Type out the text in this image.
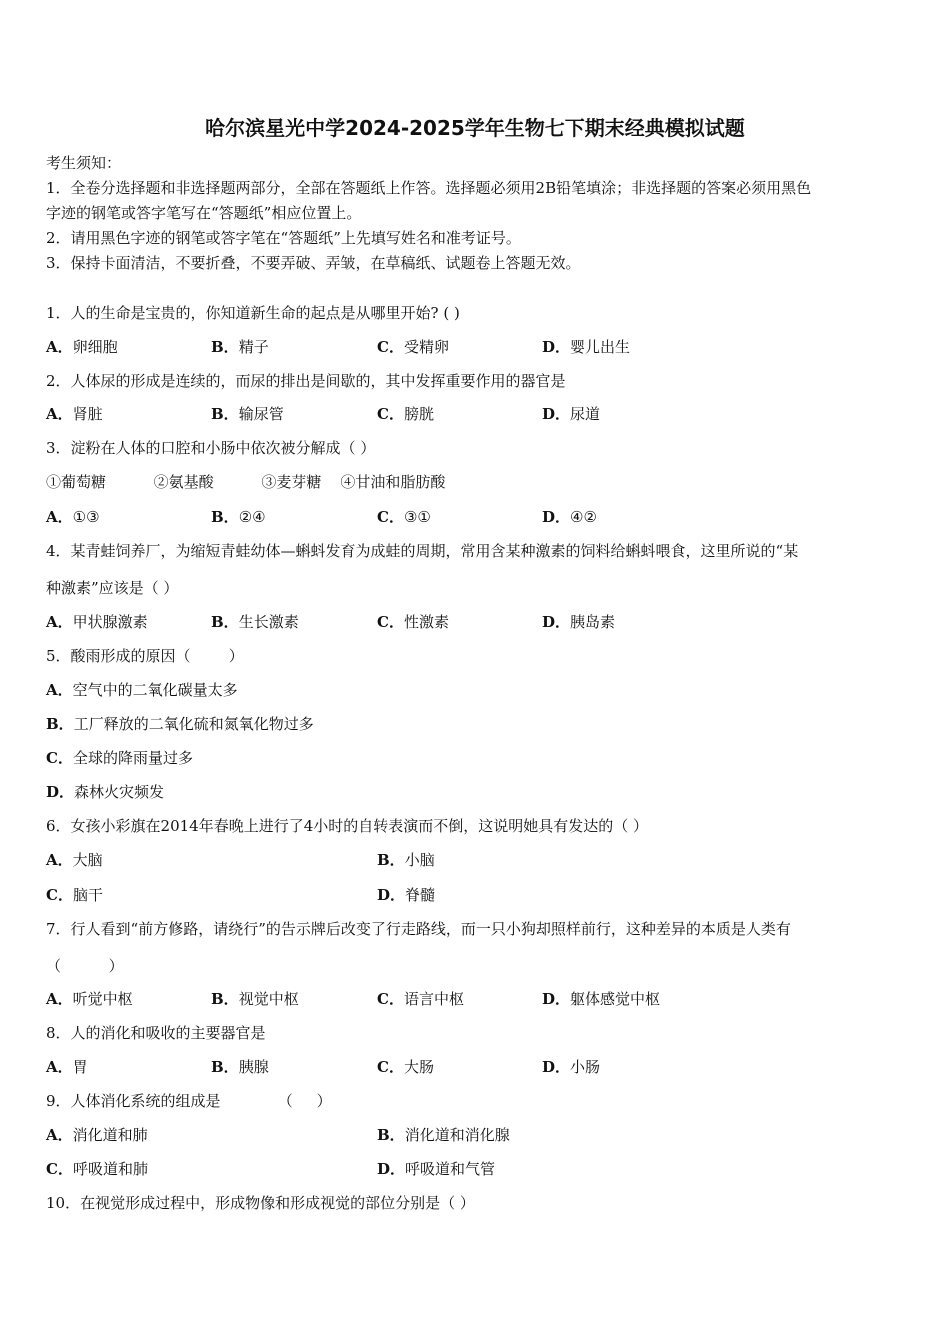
哈尔滨星光中学2024-2025学年生物七下期末经典模拟试题
考生须知：
1．全卷分选择题和非选择题两部分，全部在答题纸上作答。选择题必须用2B铅笔填涂；非选择题的答案必须用黑色
字迹的钢笔或答字笔写在“答题纸”相应位置上。
2．请用黑色字迹的钢笔或答字笔在“答题纸”上先填写姓名和准考证号。
3．保持卡面清洁，不要折叠，不要弄破、弄皱，在草稿纸、试题卷上答题无效。
1．人的生命是宝贵的，你知道新生命的起点是从哪里开始? ( )
A．卵细胞	B．精子	C．受精卵	D．婴儿出生
2．人体尿的形成是连续的，而尿的排出是间歇的，其中发挥重要作用的器官是
A．肾脏	B．输尿管	C．膀胱	D．尿道
3．淀粉在人体的口腔和小肠中依次被分解成（ ）
①葡萄糖          ②氨基酸          ③麦芽糖    ④甘油和脂肪酸
A．①③	B．②④	C．③①	D．④②
4．某青蛙饲养厂，为缩短青蛙幼体—蝌蚪发育为成蛙的周期，常用含某种激素的饲料给蝌蚪喂食，这里所说的“某
种激素”应该是（ ）
A．甲状腺激素	B．生长激素	C．性激素	D．胰岛素
5．酸雨形成的原因（        ）
A．空气中的二氧化碳量太多
B．工厂释放的二氧化硫和氮氧化物过多
C．全球的降雨量过多
D．森林火灾频发
6．女孩小彩旗在2014年春晚上进行了4小时的自转表演而不倒，这说明她具有发达的（ ）
A．大脑	B．小脑
C．脑干	D．脊髓
7．行人看到“前方修路，请绕行”的告示牌后改变了行走路线，而一只小狗却照样前行，这种差异的本质是人类有
（          ）
A．听觉中枢	B．视觉中枢	C．语言中枢	D．躯体感觉中枢
8．人的消化和吸收的主要器官是
A．胃	B．胰腺	C．大肠	D．小肠
9．人体消化系统的组成是            （     ）
A．消化道和肺	B．消化道和消化腺
C．呼吸道和肺	D．呼吸道和气管
10．在视觉形成过程中，形成物像和形成视觉的部位分别是（ ）
